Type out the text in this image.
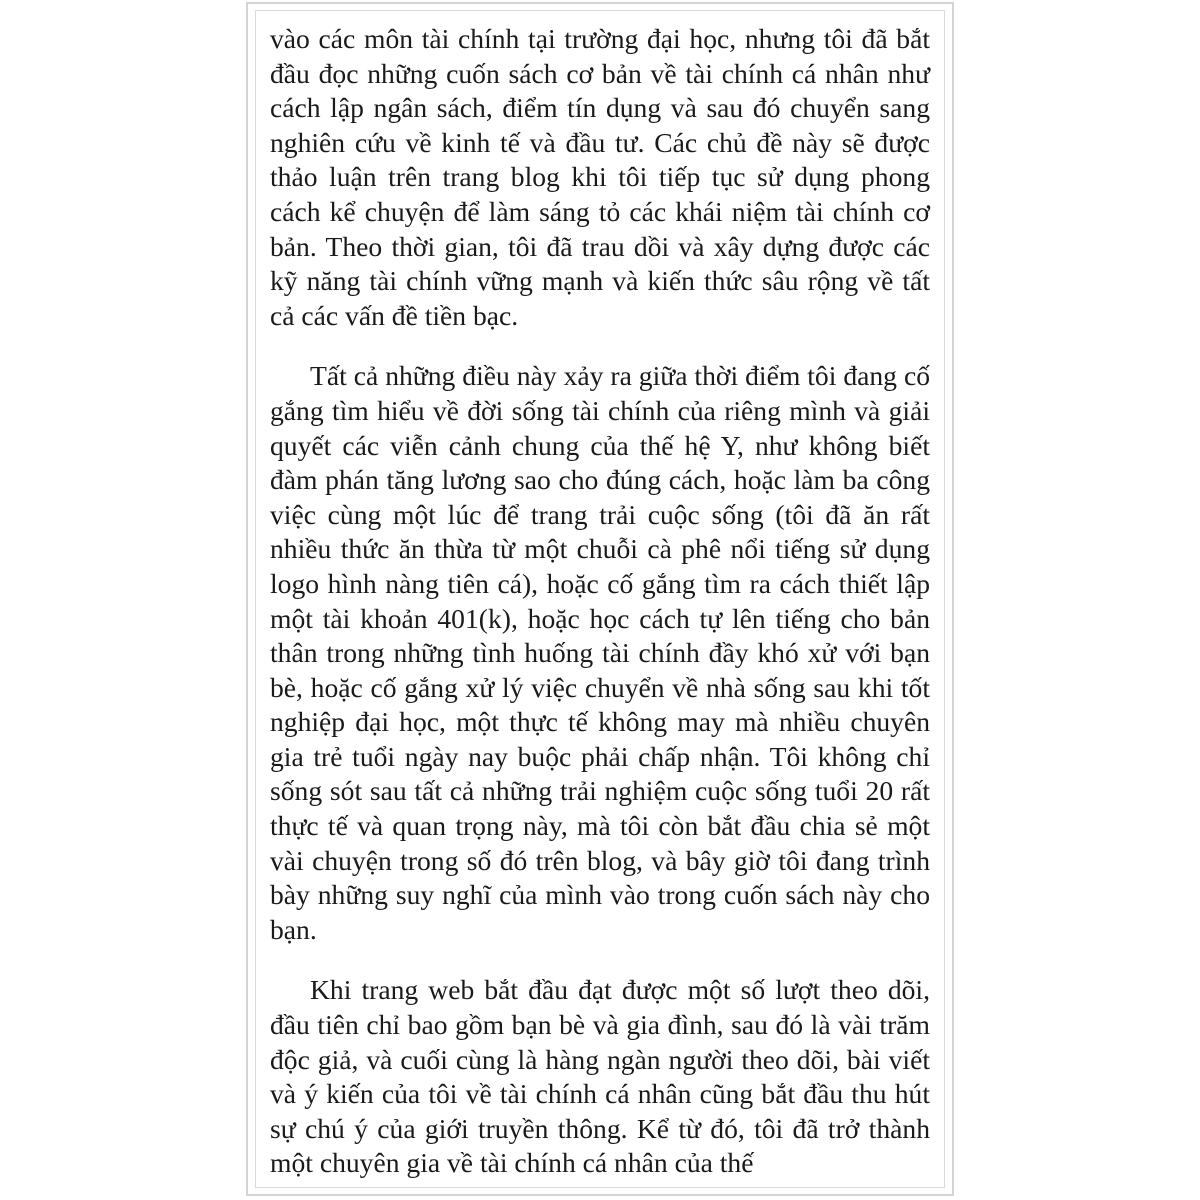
vào các môn tài chính tại trường đại học, nhưng tôi đã bắt đầu đọc những cuốn sách cơ bản về tài chính cá nhân như cách lập ngân sách, điểm tín dụng và sau đó chuyển sang nghiên cứu về kinh tế và đầu tư. Các chủ đề này sẽ được thảo luận trên trang blog khi tôi tiếp tục sử dụng phong cách kể chuyện để làm sáng tỏ các khái niệm tài chính cơ bản. Theo thời gian, tôi đã trau dồi và xây dựng được các kỹ năng tài chính vững mạnh và kiến thức sâu rộng về tất cả các vấn đề tiền bạc.

Tất cả những điều này xảy ra giữa thời điểm tôi đang cố gắng tìm hiểu về đời sống tài chính của riêng mình và giải quyết các viễn cảnh chung của thế hệ Y, như không biết đàm phán tăng lương sao cho đúng cách, hoặc làm ba công việc cùng một lúc để trang trải cuộc sống (tôi đã ăn rất nhiều thức ăn thừa từ một chuỗi cà phê nổi tiếng sử dụng logo hình nàng tiên cá), hoặc cố gắng tìm ra cách thiết lập một tài khoản 401(k), hoặc học cách tự lên tiếng cho bản thân trong những tình huống tài chính đầy khó xử với bạn bè, hoặc cố gắng xử lý việc chuyển về nhà sống sau khi tốt nghiệp đại học, một thực tế không may mà nhiều chuyên gia trẻ tuổi ngày nay buộc phải chấp nhận. Tôi không chỉ sống sót sau tất cả những trải nghiệm cuộc sống tuổi 20 rất thực tế và quan trọng này, mà tôi còn bắt đầu chia sẻ một vài chuyện trong số đó trên blog, và bây giờ tôi đang trình bày những suy nghĩ của mình vào trong cuốn sách này cho bạn.

Khi trang web bắt đầu đạt được một số lượt theo dõi, đầu tiên chỉ bao gồm bạn bè và gia đình, sau đó là vài trăm độc giả, và cuối cùng là hàng ngàn người theo dõi, bài viết và ý kiến của tôi về tài chính cá nhân cũng bắt đầu thu hút sự chú ý của giới truyền thông. Kể từ đó, tôi đã trở thành một chuyên gia về tài chính cá nhân của thế
